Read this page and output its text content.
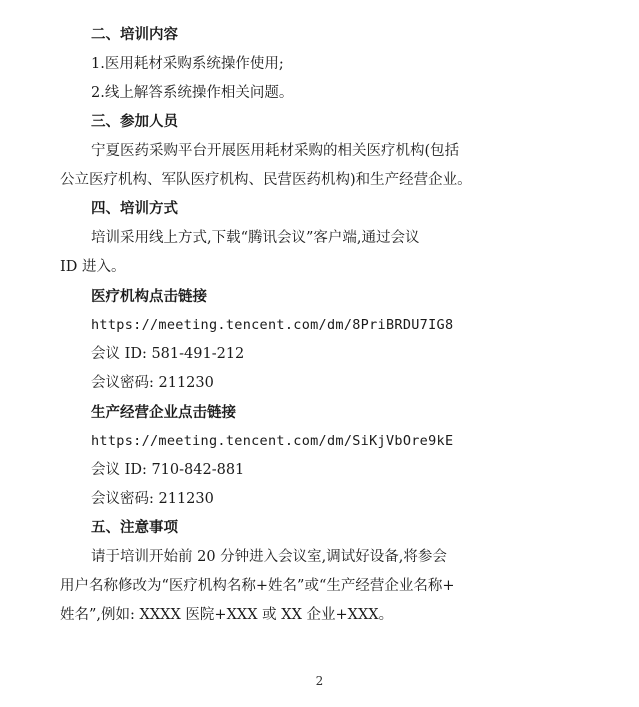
二、培训内容
1.医用耗材采购系统操作使用;
2.线上解答系统操作相关问题。
三、参加人员
宁夏医药采购平台开展医用耗材采购的相关医疗机构(包括
公立医疗机构、军队医疗机构、民营医药机构)和生产经营企业。
四、培训方式
培训采用线上方式,下载“腾讯会议”客户端,通过会议
ID 进入。
医疗机构点击链接
https://meeting.tencent.com/dm/8PriBRDU7IG8
会议 ID: 581-491-212
会议密码: 211230
生产经营企业点击链接
https://meeting.tencent.com/dm/SiKjVbOre9kE
会议 ID: 710-842-881
会议密码: 211230
五、注意事项
请于培训开始前 20 分钟进入会议室,调试好设备,将参会
用户名称修改为“医疗机构名称+姓名”或“生产经营企业名称+
姓名”,例如: XXXX 医院+XXX 或 XX 企业+XXX。
2
